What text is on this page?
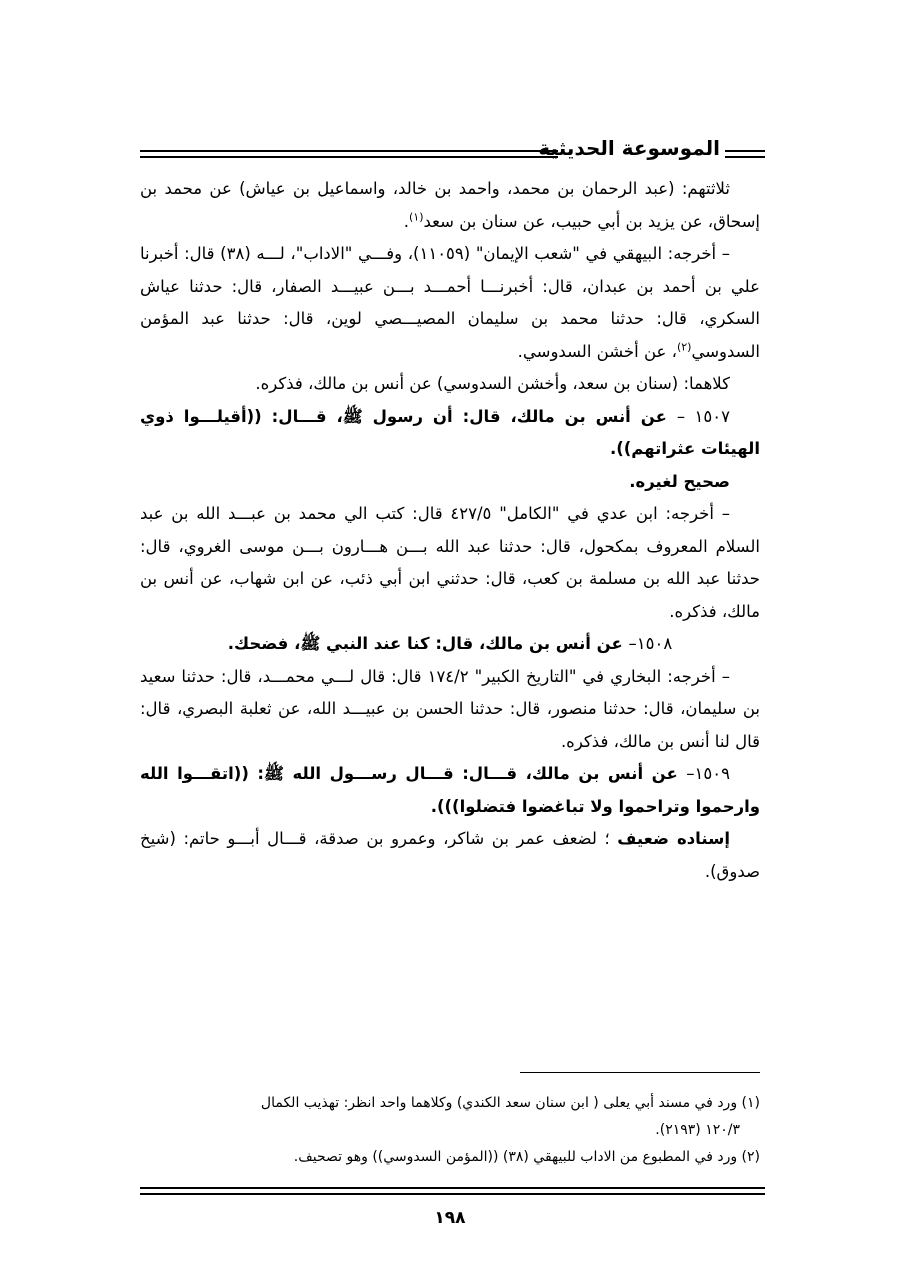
الموسوعة الحديثية

ثلاثتهم: (عبد الرحمان بن محمد، واحمد بن خالد، واسماعيل بن عياش) عن محمد بن إسحاق، عن يزيد بن أبي حبيب، عن سنان بن سعد$^{(١)}$.

– أخرجه: البيهقي في "شعب الإيمان" (١١٠٥٩)، وفـــي "الاداب"، لـــه (٣٨) قال: أخبرنا علي بن أحمد بن عبدان، قال: أخبرنـــا أحمـــد بـــن عبيـــد الصفار، قال: حدثنا عياش السكري، قال: حدثنا محمد بن سليمان المصيـــصي لوين، قال: حدثنا عبد المؤمن السدوسي$^{(٢)}$، عن أخشن السدوسي.

كلاهما: (سنان بن سعد، وأخشن السدوسي) عن أنس بن مالك، فذكره.

١٥٠٧ – عن أنس بن مالك، قال: أن رسول ﷺ، قـــال: ((أقيلـــوا ذوي الهيئات عثراتهم)).

صحيح لغيره.

– أخرجه: ابن عدي في "الكامل" ٤٢٧/٥ قال: كتب الي محمد بن عبـــد الله بن عبد السلام المعروف بمكحول، قال: حدثنا عبد الله بـــن هـــارون بـــن موسى الغروي، قال: حدثنا عبد الله بن مسلمة بن كعب، قال: حدثني ابن أبي ذئب، عن ابن شهاب، عن أنس بن مالك، فذكره.

١٥٠٨– عن أنس بن مالك، قال: كنا عند النبي ﷺ، فضحك.

– أخرجه: البخاري في "التاريخ الكبير" ١٧٤/٢ قال: قال لـــي محمـــد، قال: حدثنا سعيد بن سليمان، قال: حدثنا منصور، قال: حدثنا الحسن بن عبيـــد الله، عن ثعلبة البصري، قال: قال لنا أنس بن مالك، فذكره.

١٥٠٩– عن أنس بن مالك، قـــال: قـــال رســـول الله ﷺ: ((اتقـــوا الله وارحموا وتراحموا ولا تباغضوا فتضلوا))).

إسناده ضعيف ؛ لضعف عمر بن شاكر، وعمرو بن صدقة، قـــال أبـــو حاتم: (شيخ صدوق).

(١) ورد في مسند أبي يعلى ( ابن سنان سعد الكندي) وكلاهما واحد انظر: تهذيب الكمال

١٢٠/٣ (٢١٩٣).

(٢) ورد في المطبوع من الاداب للبيهقي (٣٨) ((المؤمن السدوسي)) وهو تصحيف.

١٩٨
